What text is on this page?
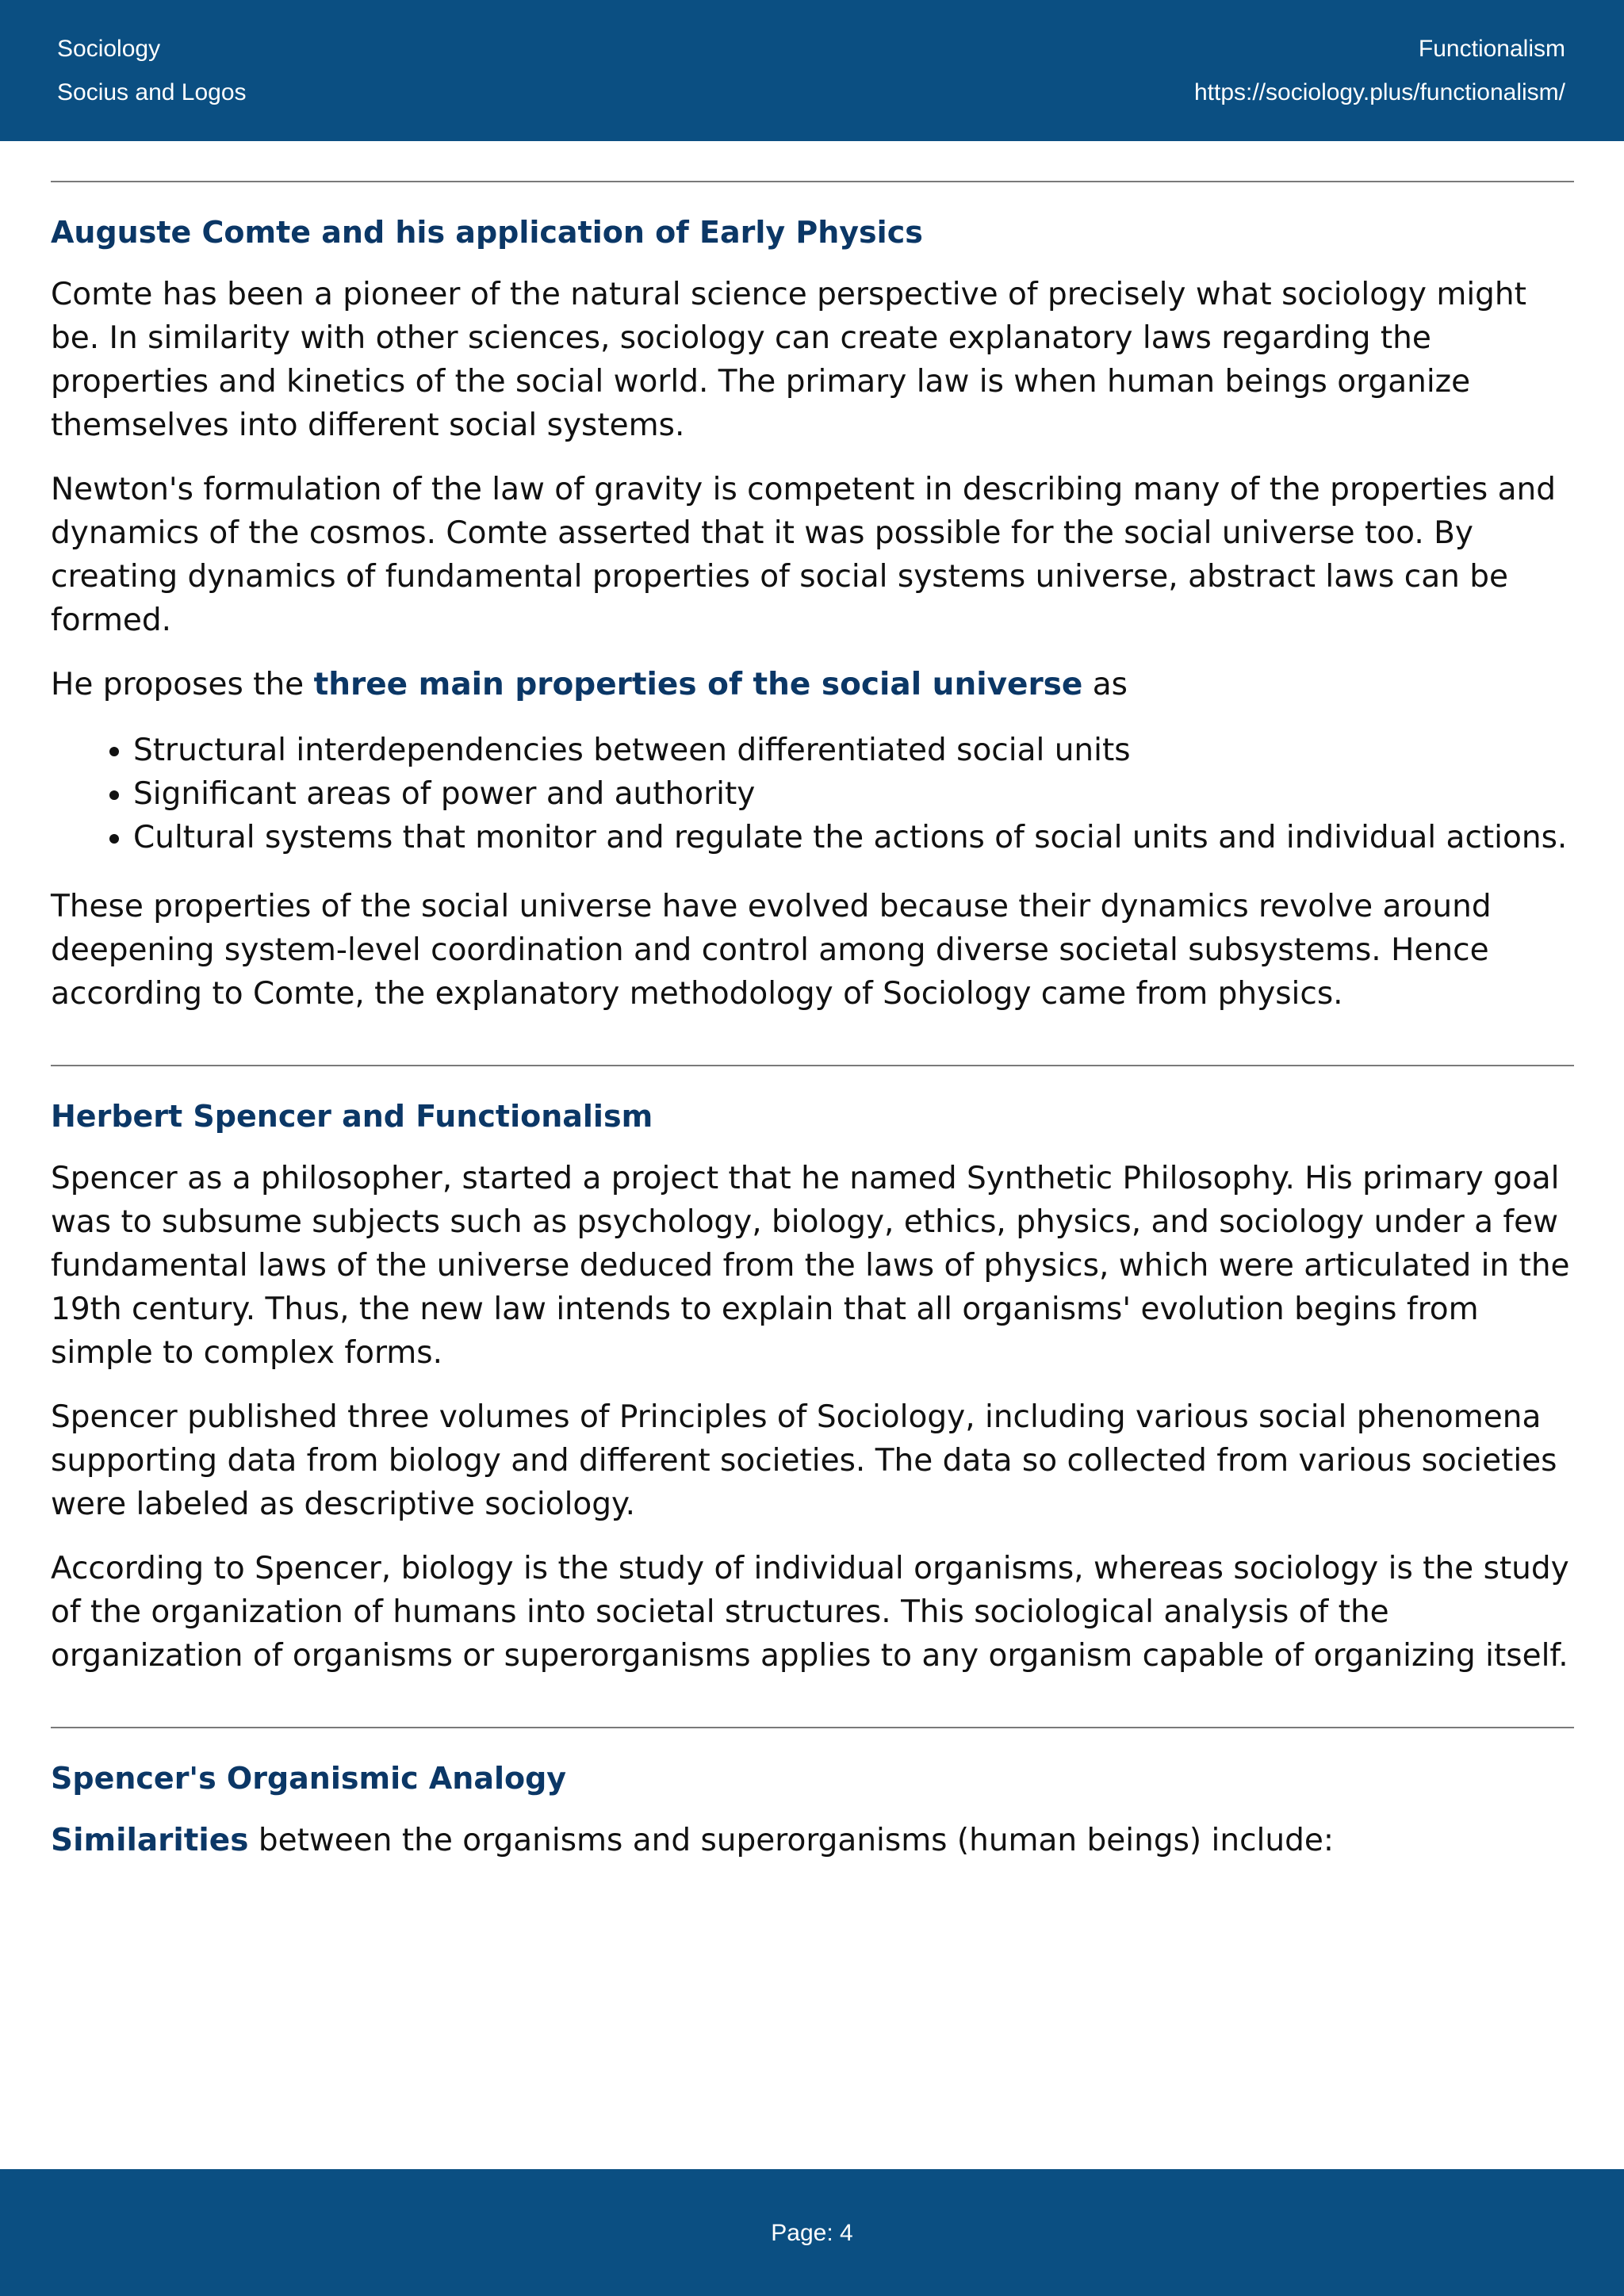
Sociology
Socius and Logos
Functionalism
https://sociology.plus/functionalism/
Auguste Comte and his application of Early Physics

Comte has been a pioneer of the natural science perspective of precisely what sociology might be. In similarity with other sciences, sociology can create explanatory laws regarding the properties and kinetics of the social world. The primary law is when human beings organize themselves into different social systems.

Newton's formulation of the law of gravity is competent in describing many of the properties and dynamics of the cosmos. Comte asserted that it was possible for the social universe too. By creating dynamics of fundamental properties of social systems universe, abstract laws can be formed.

He proposes the three main properties of the social universe as

• Structural interdependencies between differentiated social units
• Significant areas of power and authority
• Cultural systems that monitor and regulate the actions of social units and individual actions.

These properties of the social universe have evolved because their dynamics revolve around deepening system-level coordination and control among diverse societal subsystems. Hence according to Comte, the explanatory methodology of Sociology came from physics.

Herbert Spencer and Functionalism

Spencer as a philosopher, started a project that he named Synthetic Philosophy. His primary goal was to subsume subjects such as psychology, biology, ethics, physics, and sociology under a few fundamental laws of the universe deduced from the laws of physics, which were articulated in the 19th century. Thus, the new law intends to explain that all organisms' evolution begins from simple to complex forms.

Spencer published three volumes of Principles of Sociology, including various social phenomena supporting data from biology and different societies. The data so collected from various societies were labeled as descriptive sociology.

According to Spencer, biology is the study of individual organisms, whereas sociology is the study of the organization of humans into societal structures. This sociological analysis of the organization of organisms or superorganisms applies to any organism capable of organizing itself.

Spencer's Organismic Analogy

Similarities between the organisms and superorganisms (human beings) include:

Page: 4
